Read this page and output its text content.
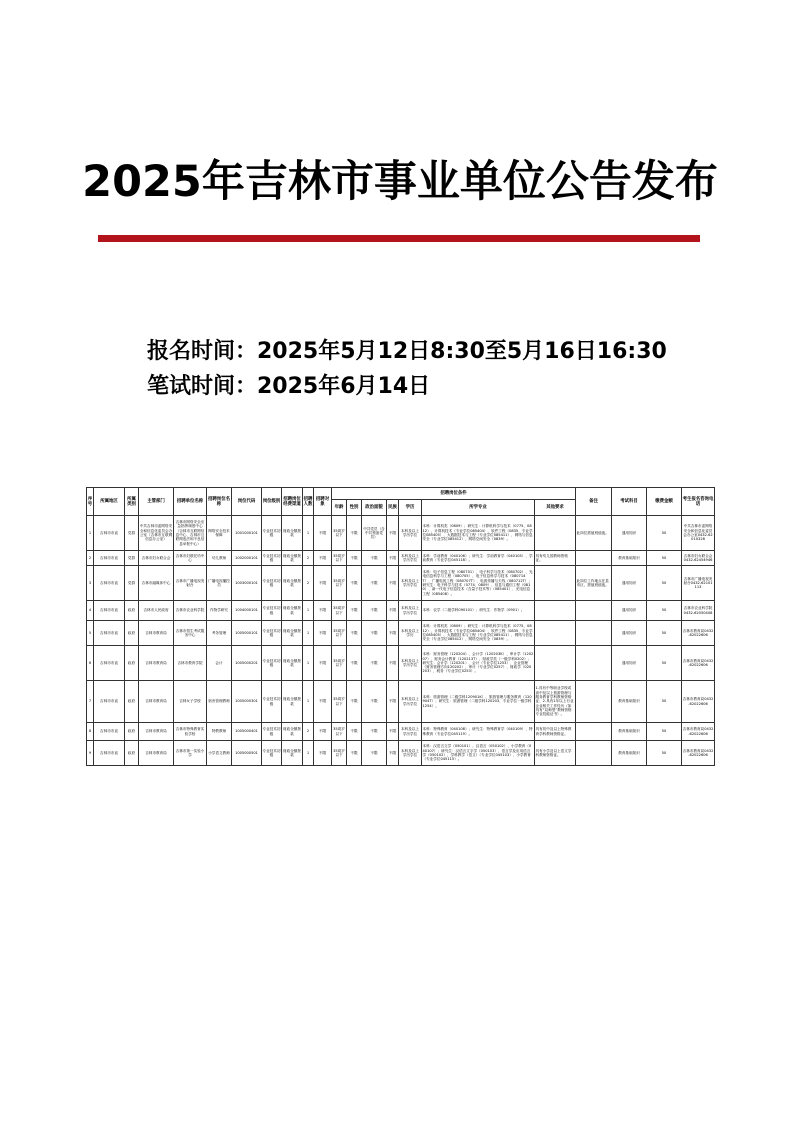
2025年吉林市事业单位公告发布
报名时间：2025年5月12日8:30至5月16日16:30
笔试时间：2025年6月14日
序号	所属地区	所属类别	主管部门	招聘单位名称	招聘岗位名称	岗位代码	岗位级别	招聘岗位经费渠道	招聘人数	招聘对象	招聘岗位条件							备注	考试科目	缴费金额	考生报名咨询电话
											年龄	性别	政治面貌	民族	学历	所学专业	其他要求				
1	吉林市市直	党群	中共吉林市委网络安全和信息化委员会办公室（吉林市互联网信息办公室）	吉林市网络安全应急指挥调度中心（吉林市互联网信息中心、吉林市互联网违法和不良信息举报中心）	网络安全技术保障	1001000101	专业技术初级	财政全额拨款	1	不限	35周岁以下	不限	中共党员（含中共预备党员）	不限	本科及以上学历学位	本科：计算机类（0809）；研究生：计算机科学与技术（0775、0812）、计算机技术（专业学位085404）、软件工程（0835、专业学位085405）、大数据技术与工程（专业学位085411）、网络与信息安全（专业学位085412）、网络空间安全（0839）。		此岗位需值班值夜。	通用知识	50	中共吉林市委网络安全和信息化委员会办公室0432-62010328
2	吉林市市直	党群	吉林市妇女联合会	吉林市妇联托幼中心	幼儿教师	1002000101	专业技术初级	财政全额拨款	2	不限	35周岁以下	不限	不限	不限	本科及以上学历学位	本科：学前教育（040106）；研究生：学前教育学（040105）、学前教育（专业学位045118）。	具有幼儿园教师资格证。		教育基础知识	50	吉林市妇女联合会0432-62454946
3	吉林市市直	党群	吉林市融媒体中心	吉林市广播电视发射台	广播电视播控员	1003000101	专业技术初级	财政全额拨款	2	不限	35周岁以下	不限	不限	不限	本科及以上学历学位	本科：电子信息工程（080701）、电子科学与技术（080702）、光电信息科学与工程（080705）、电子信息科学与技术（080714T）、广播电视工程（080707T）、电波传播与天线（080712T）；研究生：电子科学与技术（0774、0809）、信息与通信工程（0810）、新一代电子信息技术（含量子技术等）（085401）、光电信息工程（085408）。		此岗位工作地点在县市区，需值班值夜。	通用知识	50	吉林市广播电视发射台0432-62101113
4	吉林市市直	政府	吉林市人民政府	吉林市农业科学院	作物学研究	1004000101	专业技术初级	财政全额拨款	1	不限	35周岁以下	不限	不限	不限	本科及以上学历学位	本科：农学（二级学科090101）；研究生：作物学（0901）。			通用知识	50	吉林市农业科学院0432-62050408
5	吉林市市直	政府	吉林市教育局	吉林市招生考试服务中心	考务管理	1005000101	专业技术初级	财政全额拨款	1	不限	35周岁以下	不限	不限	不限	本科及以上学历	本科：计算机类（0809）；研究生：计算机科学与技术（0775、0812）、计算机技术（专业学位085404）、软件工程（0835、专业学位085405）、大数据技术与工程（专业学位085411）、网络与信息安全（专业学位085412）、网络空间安全（0839）。			通用知识	50	吉林市教育局0432-62022606
6	吉林市市直	政府	吉林市教育局	吉林市教育学院	会计	1005000201	专业技术初级	财政全额拨款	1	不限	35周岁以下	不限	不限	不限	本科及以上学历学位	本科：财务管理（120204）、会计学（120203K）、审计学（120207）、财务会计教育（120213T）、财政学类（一级学科0202）；研究生：会计学（120201）、会计（专业学位1253）、企业管理（财务管理方向120202）、审计（专业学位0257）、财政学（020203）、税务（专业学位0253）。			通用知识	50	吉林市教育局0432-62022606
7	吉林市市直	政府	吉林市教育局	吉林女子学校	宿舍管理教师	1005000301	专业技术初级	财政全额拨款	1	不限	35周岁以下	不限	不限	不限	本科及以上学历学位	本科：旅游管理（二级学科120901K）、旅游管理与服务教育（120904T）；研究生：旅游管理（二级学科120203、专业学位一级学科1254）。	1.具有中等职业学校或高中及以上旅游管理与服务教育学科教师资格证；2.具有1年以上行业企业相关工作经历（如具有“双师型”教师资格专业技能证书）。		教育基础知识	50	吉林市教育局0432-62022606
8	吉林市市直	政府	吉林市教育局	吉林市特殊教育实验学校	特教教师	1005000401	专业技术初级	财政全额拨款	2	不限	35周岁以下	不限	不限	不限	本科及以上学历学位	本科：特殊教育（040108）；研究生：特殊教育学（040109）、特殊教育（专业学位045119）。	具有初中及以上特殊教育学科教师资格证。		教育基础知识	50	吉林市教育局0432-62022606
9	吉林市市直	政府	吉林市教育局	吉林市第一实验小学	小学语文教师	1005000501	专业技术初级	财政全额拨款	1	不限	35周岁以下	不限	不限	不限	本科及以上学历学位	本科：汉语言文学（050101）、汉语言（050102）、小学教育（040107）；研究生：汉语言文字学（050103）、语言学及应用语言学（050102）、学科教学（语文）（专业学位045103）、小学教育（专业学位045115）。	具有小学及以上语文学科教师资格证。		教育基础知识	50	吉林市教育局0432-62022606
